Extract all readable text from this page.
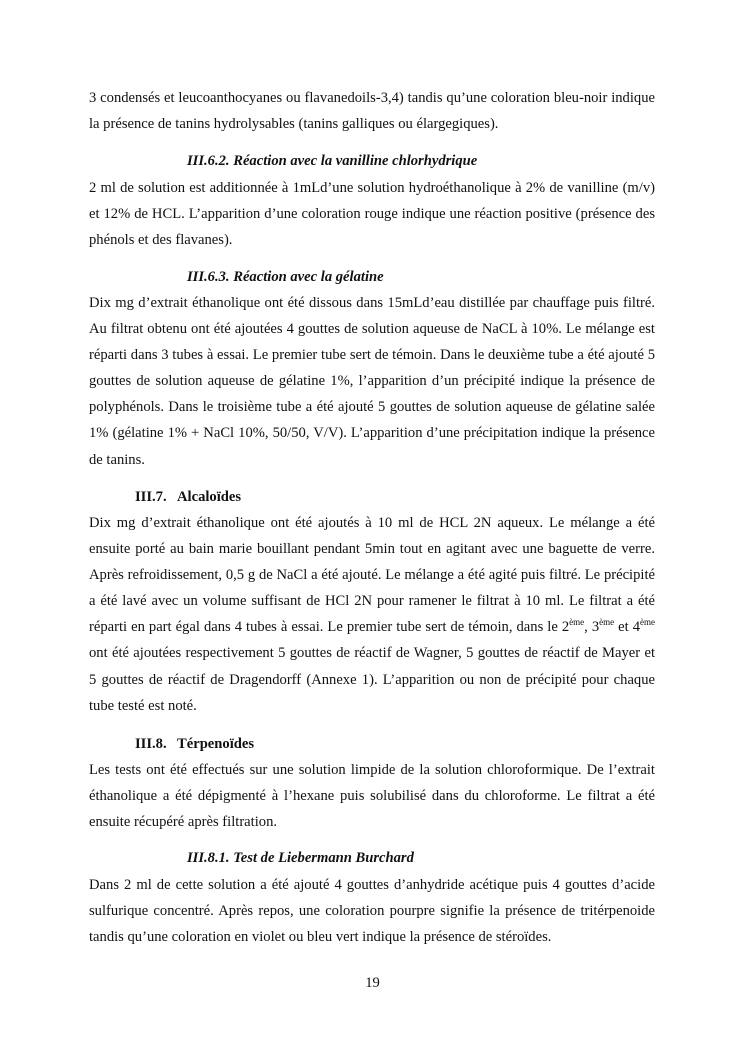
3 condensés et leucoanthocyanes ou flavanedoils-3,4) tandis qu’une coloration bleu-noir indique la présence de tanins hydrolysables (tanins galliques ou élargegiques).

III.6.2. Réaction avec la vanilline chlorhydrique

2 ml de solution est additionnée à 1mLd’une solution hydroéthanolique à 2% de vanilline (m/v) et 12% de HCL. L’apparition d’une coloration rouge indique une réaction positive (présence des phénols et des flavanes).

III.6.3. Réaction avec la gélatine

Dix mg d’extrait éthanolique ont été dissous dans 15mLd’eau distillée par chauffage puis filtré. Au filtrat obtenu ont été ajoutées 4 gouttes de solution aqueuse de NaCL à 10%. Le mélange est réparti dans 3 tubes à essai. Le premier tube sert de témoin. Dans le deuxième tube a été ajouté 5 gouttes de solution aqueuse de gélatine 1%, l’apparition d’un précipité indique la présence de polyphénols. Dans le troisième tube a été ajouté 5 gouttes de solution aqueuse de gélatine salée 1% (gélatine 1% + NaCl 10%, 50/50, V/V). L’apparition d’une précipitation indique la présence de tanins.

III.7. Alcaloïdes

Dix mg d’extrait éthanolique ont été ajoutés à 10 ml de HCL 2N aqueux. Le mélange a été ensuite porté au bain marie bouillant pendant 5min tout en agitant avec une baguette de verre. Après refroidissement, 0,5 g de NaCl a été ajouté. Le mélange a été agité puis filtré. Le précipité a été lavé avec un volume suffisant de HCl 2N pour ramener le filtrat à 10 ml. Le filtrat a été réparti en part égal dans 4 tubes à essai. Le premier tube sert de témoin, dans le 2ème, 3ème et 4ème ont été ajoutées respectivement 5 gouttes de réactif de Wagner, 5 gouttes de réactif de Mayer et 5 gouttes de réactif de Dragendorff (Annexe 1). L’apparition ou non de précipité pour chaque tube testé est noté.

III.8. Térpenoïdes

Les tests ont été effectués sur une solution limpide de la solution chloroformique. De l’extrait éthanolique a été dépigmenté à l’hexane puis solubilisé dans du chloroforme. Le filtrat a été ensuite récupéré après filtration.

III.8.1. Test de Liebermann Burchard

Dans 2 ml de cette solution a été ajouté 4 gouttes d’anhydride acétique puis 4 gouttes d’acide sulfurique concentré. Après repos, une coloration pourpre signifie la présence de tritérpenoide tandis qu’une coloration en violet ou bleu vert indique la présence de stéroïdes.

19
